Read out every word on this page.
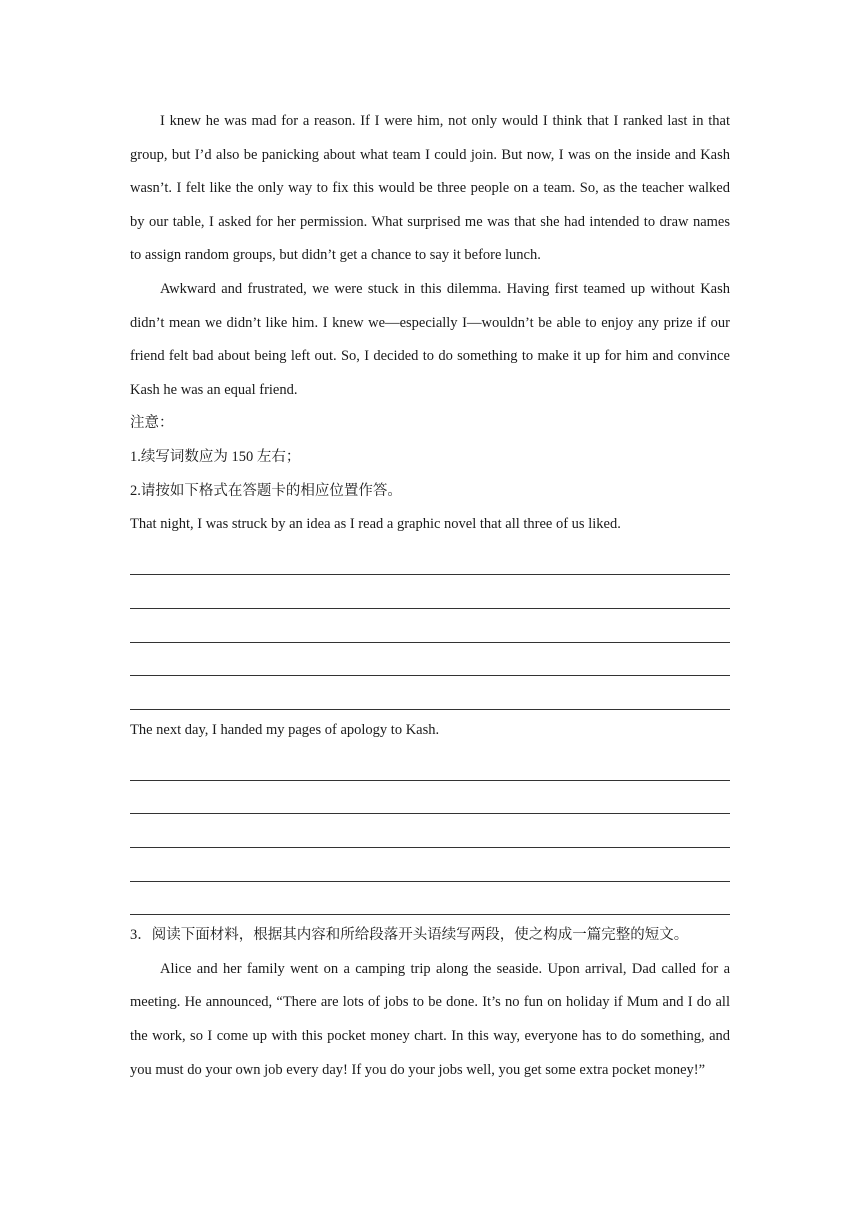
I knew he was mad for a reason. If I were him, not only would I think that I ranked last in that group, but I’d also be panicking about what team I could join. But now, I was on the inside and Kash wasn’t. I felt like the only way to fix this would be three people on a team. So, as the teacher walked by our table, I asked for her permission. What surprised me was that she had intended to draw names to assign random groups, but didn’t get a chance to say it before lunch.

Awkward and frustrated, we were stuck in this dilemma. Having first teamed up without Kash didn’t mean we didn’t like him. I knew we—especially I—wouldn’t be able to enjoy any prize if our friend felt bad about being left out. So, I decided to do something to make it up for him and convince Kash he was an equal friend.

注意：

1.续写词数应为 150 左右；

2.请按如下格式在答题卡的相应位置作答。

That night, I was struck by an idea as I read a graphic novel that all three of us liked.

The next day, I handed my pages of apology to Kash.

3．阅读下面材料，根据其内容和所给段落开头语续写两段，使之构成一篇完整的短文。

Alice and her family went on a camping trip along the seaside. Upon arrival, Dad called for a meeting. He announced, “There are lots of jobs to be done. It’s no fun on holiday if Mum and I do all the work, so I come up with this pocket money chart. In this way, everyone has to do something, and you must do your own job every day! If you do your jobs well, you get some extra pocket money!”
